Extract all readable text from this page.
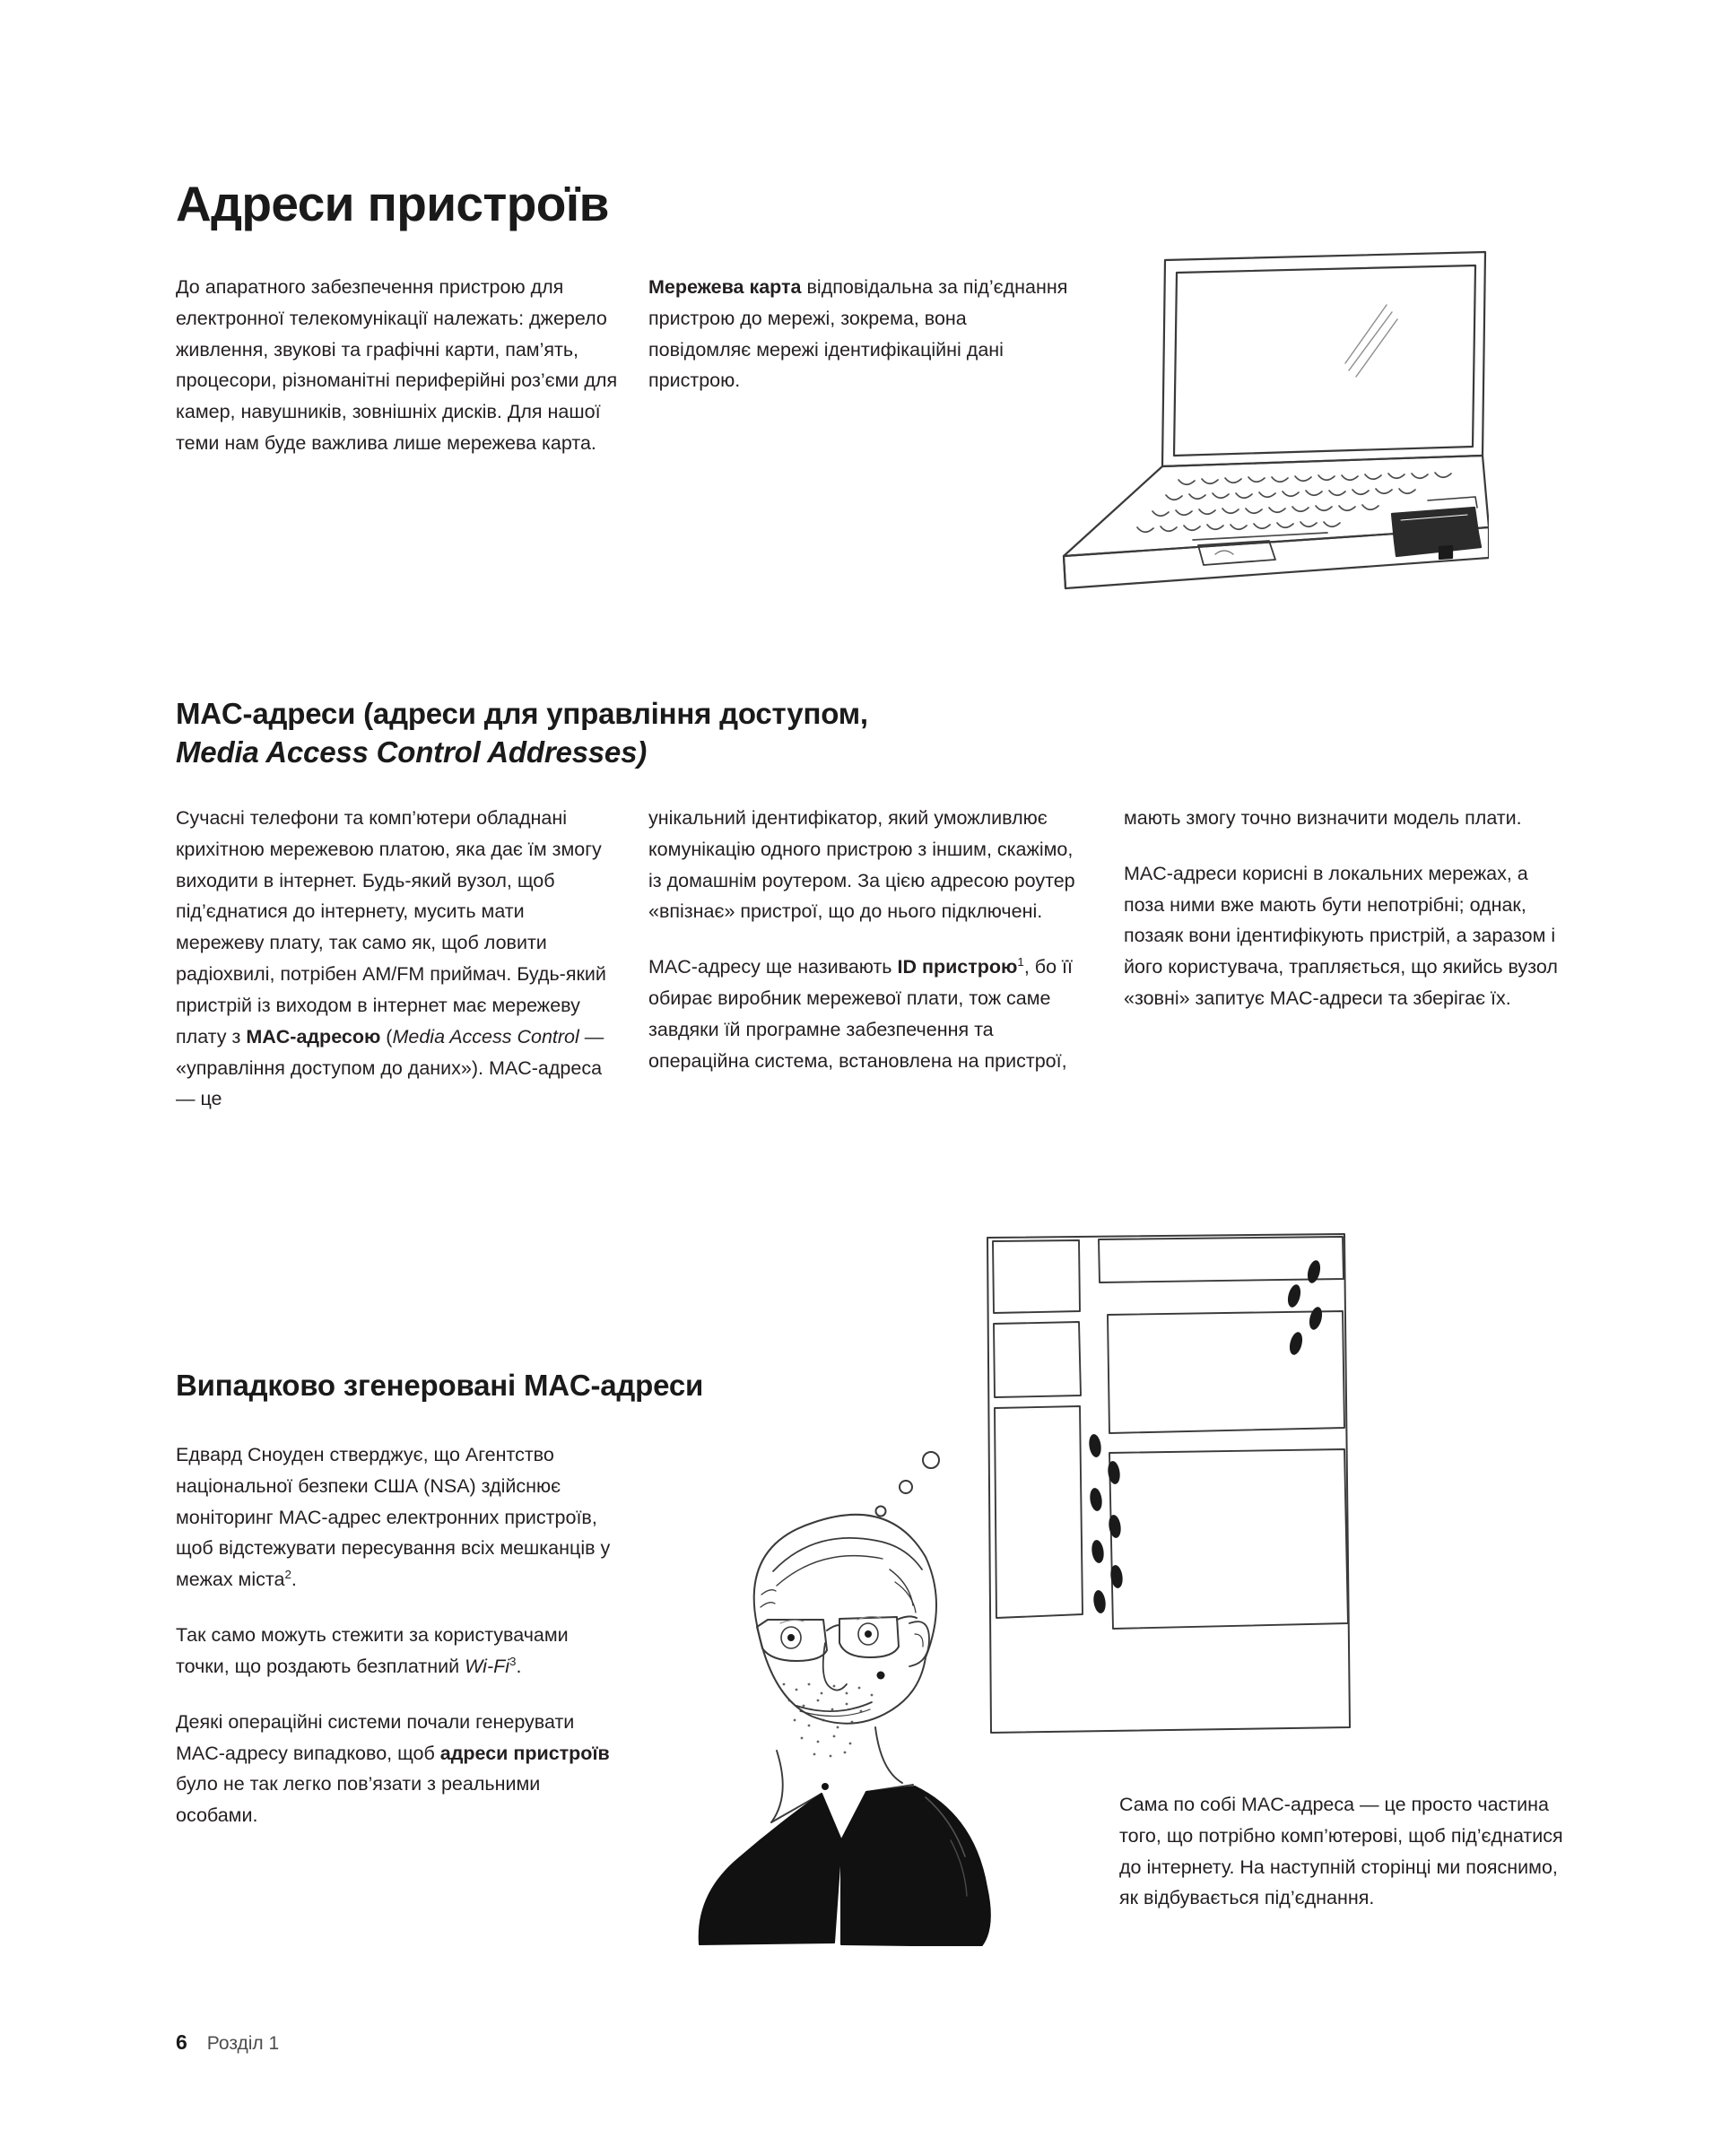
Адреси пристроїв

До апаратного забезпечення пристрою для електронної телекомунікації належать: джерело живлення, звукові та графічні карти, пам’ять, процесори, різноманітні периферійні роз’єми для камер, навушників, зовнішніх дисків. Для нашої теми нам буде важлива лише мережева карта.

Мережева карта відповідальна за під’єднання пристрою до мережі, зокрема, вона повідомляє мережі ідентифікаційні дані пристрою.

MAC-адреси (адреси для управління доступом,
Media Access Control Addresses)

Сучасні телефони та комп’ютери обладнані крихітною мережевою платою, яка дає їм змогу виходити в інтернет. Будь-який вузол, щоб під’єднатися до інтернету, мусить мати мережеву плату, так само як, щоб ловити радіохвилі, потрібен AM/FM приймач. Будь-який пристрій із виходом в інтернет має мережеву плату з MAC-адресою (Media Access Control — «управління доступом до даних»). MAC-адреса — це

унікальний ідентифікатор, який уможливлює комунікацію одного пристрою з іншим, скажімо, із домашнім роутером. За цією адресою роутер «впізнає» пристрої, що до нього підключені.

MAC-адресу ще називають ID пристрою$^1$, бо її обирає виробник мережевої плати, тож саме завдяки їй програмне забезпечення та операційна система, встановлена на пристрої,

мають змогу точно визначити модель плати.

MAC-адреси корисні в локальних мережах, а поза ними вже мають бути непотрібні; однак, позаяк вони ідентифікують пристрій, а заразом і його користувача, трапляється, що якийсь вузол «зовні» запитує MAC-адреси та зберігає їх.

Випадково згенеровані MAC-адреси

Едвард Сноуден стверджує, що Агентство національної безпеки США (NSA) здійснює моніторинг MAC-адрес електронних пристроїв, щоб відстежувати пересування всіх мешканців у межах міста$^2$.

Так само можуть стежити за користувачами точки, що роздають безплатний Wi-Fi$^3$.

Деякі операційні системи почали генерувати MAC-адресу випадково, щоб адреси пристроїв було не так легко пов’язати з реальними особами.

Сама по собі MAC-адреса — це просто частина того, що потрібно комп’ютерові, щоб під’єднатися до інтернету. На наступній сторінці ми пояснимо, як відбувається під’єднання.

6 Розділ 1
